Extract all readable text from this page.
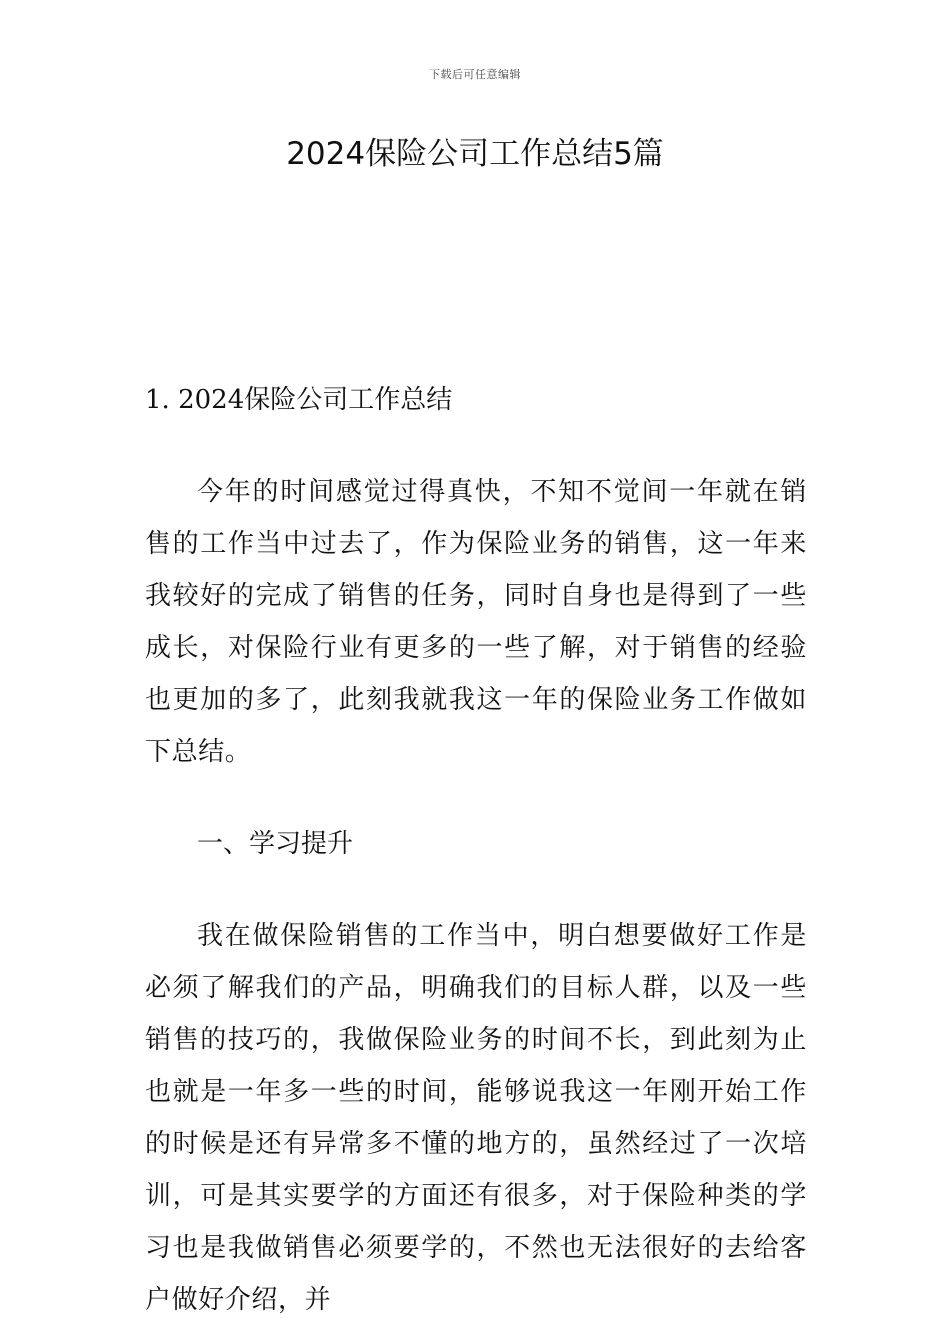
下载后可任意编辑
2024保险公司工作总结5篇
1. 2024保险公司工作总结

今年的时间感觉过得真快，不知不觉间一年就在销售的工作当中过去了，作为保险业务的销售，这一年来我较好的完成了销售的任务，同时自身也是得到了一些成长，对保险行业有更多的一些了解，对于销售的经验也更加的多了，此刻我就我这一年的保险业务工作做如下总结。

一、学习提升

我在做保险销售的工作当中，明白想要做好工作是必须了解我们的产品，明确我们的目标人群，以及一些销售的技巧的，我做保险业务的时间不长，到此刻为止也就是一年多一些的时间，能够说我这一年刚开始工作的时候是还有异常多不懂的地方的，虽然经过了一次培训，可是其实要学的方面还有很多，对于保险种类的学习也是我做销售必须要学的，不然也无法很好的去给客户做好介绍，并
